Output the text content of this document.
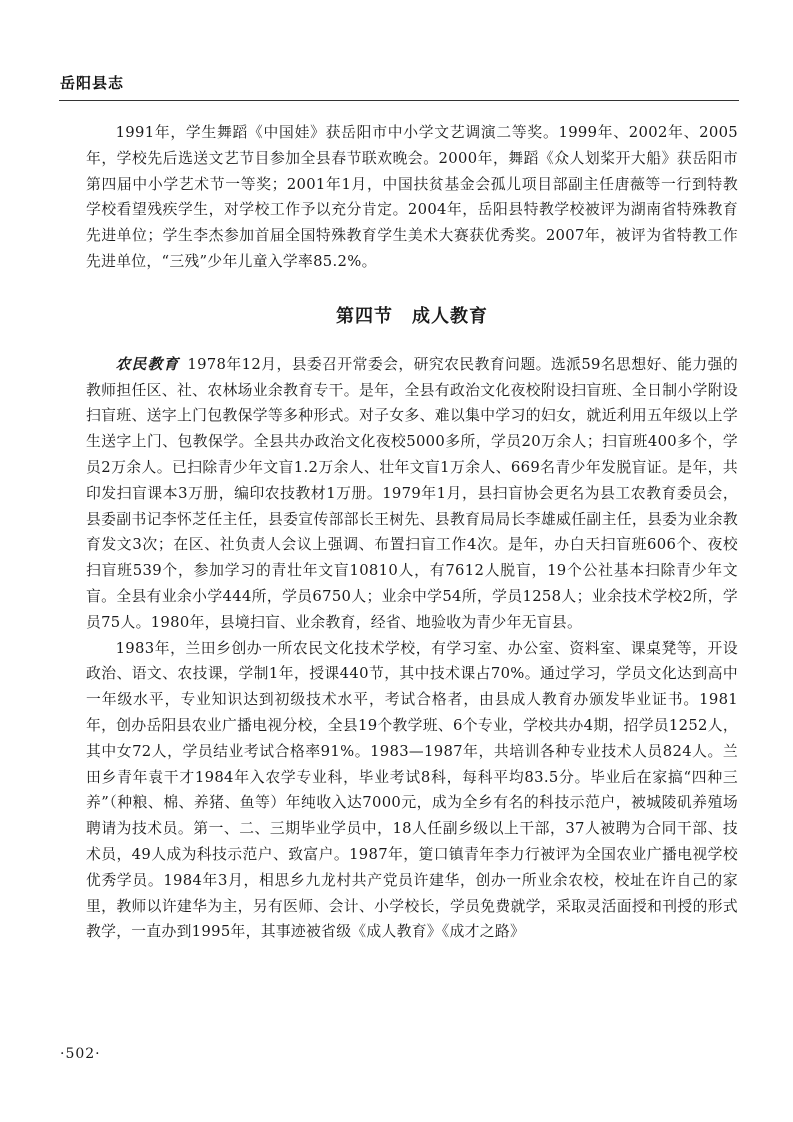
岳阳县志

1991年，学生舞蹈《中国娃》获岳阳市中小学文艺调演二等奖。1999年、2002年、2005年，学校先后选送文艺节目参加全县春节联欢晚会。2000年，舞蹈《众人划桨开大船》获岳阳市第四届中小学艺术节一等奖；2001年1月，中国扶贫基金会孤儿项目部副主任唐薇等一行到特教学校看望残疾学生，对学校工作予以充分肯定。2004年，岳阳县特教学校被评为湖南省特殊教育先进单位；学生李杰参加首届全国特殊教育学生美术大赛获优秀奖。2007年，被评为省特教工作先进单位，“三残”少年儿童入学率85.2%。

第四节　成人教育

农民教育 1978年12月，县委召开常委会，研究农民教育问题。选派59名思想好、能力强的教师担任区、社、农林场业余教育专干。是年，全县有政治文化夜校附设扫盲班、全日制小学附设扫盲班、送字上门包教保学等多种形式。对子女多、难以集中学习的妇女，就近利用五年级以上学生送字上门、包教保学。全县共办政治文化夜校5000多所，学员20万余人；扫盲班400多个，学员2万余人。已扫除青少年文盲1.2万余人、壮年文盲1万余人、669名青少年发脱盲证。是年，共印发扫盲课本3万册，编印农技教材1万册。1979年1月，县扫盲协会更名为县工农教育委员会，县委副书记李怀芝任主任，县委宣传部部长王树先、县教育局局长李雄威任副主任，县委为业余教育发文3次；在区、社负责人会议上强调、布置扫盲工作4次。是年，办白天扫盲班606个、夜校扫盲班539个，参加学习的青壮年文盲10810人，有7612人脱盲，19个公社基本扫除青少年文盲。全县有业余小学444所，学员6750人；业余中学54所，学员1258人；业余技术学校2所，学员75人。1980年，县境扫盲、业余教育，经省、地验收为青少年无盲县。

1983年，兰田乡创办一所农民文化技术学校，有学习室、办公室、资料室、课桌凳等，开设政治、语文、农技课，学制1年，授课440节，其中技术课占70%。通过学习，学员文化达到高中一年级水平，专业知识达到初级技术水平，考试合格者，由县成人教育办颁发毕业证书。1981年，创办岳阳县农业广播电视分校，全县19个教学班、6个专业，学校共办4期，招学员1252人，其中女72人，学员结业考试合格率91%。1983—1987年，共培训各种专业技术人员824人。兰田乡青年袁干才1984年入农学专业科，毕业考试8科，每科平均83.5分。毕业后在家搞“四种三养”（种粮、棉、养猪、鱼等）年纯收入达7000元，成为全乡有名的科技示范户，被城陵矶养殖场聘请为技术员。第一、二、三期毕业学员中，18人任副乡级以上干部，37人被聘为合同干部、技术员，49人成为科技示范户、致富户。1987年，筻口镇青年李力行被评为全国农业广播电视学校优秀学员。1984年3月，相思乡九龙村共产党员许建华，创办一所业余农校，校址在许自己的家里，教师以许建华为主，另有医师、会计、小学校长，学员免费就学，采取灵活面授和刊授的形式教学，一直办到1995年，其事迹被省级《成人教育》《成才之路》

·502·
